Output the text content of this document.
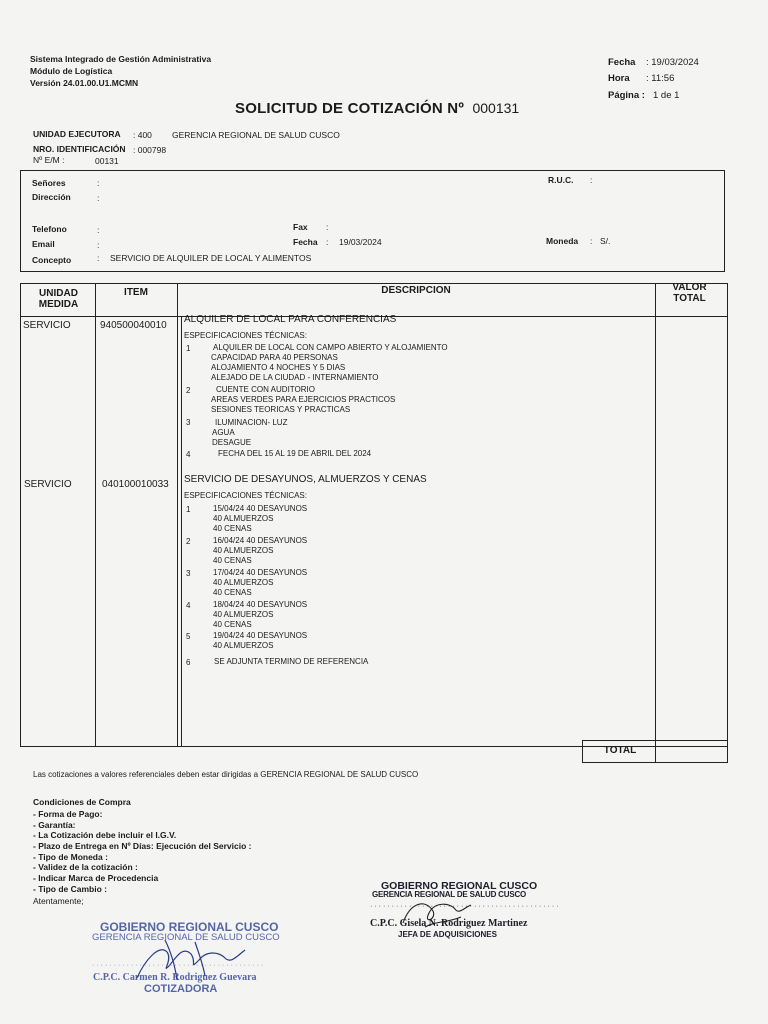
Sistema Integrado de Gestión Administrativa
Módulo de Logística
Versión 24.01.00.U1.MCMN
Fecha : 19/03/2024
Hora : 11:56
Página : 1 de 1
SOLICITUD DE COTIZACIÓN Nº 000131
UNIDAD EJECUTORA : 400 GERENCIA REGIONAL DE SALUD CUSCO
NRO. IDENTIFICACIÓN : 000798
Nº E/M :	00131
Señores	:
Dirección	:
Telefono	:
Email	:
Concepto	: SERVICIO DE ALQUILER DE LOCAL Y ALIMENTOS
R.U.C. :
Fax :
Fecha : 19/03/2024	Moneda : S/.
TOTAL
UNIDAD
MEDIDA
ITEM	DESCRIPCION	VALOR
TOTAL
SERVICIO	940500040010
ALQUILER DE LOCAL PARA CONFERENCIAS
ESPECIFICACIONES TÉCNICAS:
1	ALQUILER DE LOCAL CON CAMPO ABIERTO Y ALOJAMIENTO
CAPACIDAD PARA 40 PERSONAS
ALOJAMIENTO 4 NOCHES Y 5 DIAS
ALEJADO DE LA CIUDAD - INTERNAMIENTO
2	CUENTE CON AUDITORIO
AREAS VERDES PARA EJERCICIOS PRACTICOS
SESIONES TEORICAS Y PRACTICAS
3	ILUMINACION- LUZ
AGUA
DESAGUE
4	FECHA DEL 15 AL 19 DE ABRIL DEL 2024
SERVICIO	040100010033 SERVICIO DE DESAYUNOS, ALMUERZOS Y CENAS
ESPECIFICACIONES TÉCNICAS:
1	15/04/24 40 DESAYUNOS
40 ALMUERZOS
40 CENAS
2	16/04/24 40 DESAYUNOS
40 ALMUERZOS
40 CENAS
3	17/04/24 40 DESAYUNOS
40 ALMUERZOS
40 CENAS
4	18/04/24 40 DESAYUNOS
40 ALMUERZOS
40 CENAS
5	19/04/24 40 DESAYUNOS
40 ALMUERZOS
6	SE ADJUNTA TERMINO DE REFERENCIA
Las cotizaciones a valores referenciales deben estar dirigidas a GERENCIA REGIONAL DE SALUD CUSCO
Condiciones de Compra
- Forma de Pago:
- Garantía:
- La Cotización debe incluir el I.G.V.
- Plazo de Entrega en Nº Días: Ejecución del Servicio :
- Tipo de Moneda :
- Validez de la cotización :
- Indicar Marca de Procedencia
- Tipo de Cambio :
Atentamente;
GOBIERNO REGIONAL CUSCO
GERENCIA REGIONAL DE SALUD CUSCO
············································
C.P.C. Gisela N. Rodriguez Martinez
JEFA DE ADQUISICIONES
GOBIERNO REGIONAL CUSCO
GERENCIA REGIONAL DE SALUD CUSCO
········································
C.P.C. Carmen R. Rodriguez Guevara
COTIZADORA
